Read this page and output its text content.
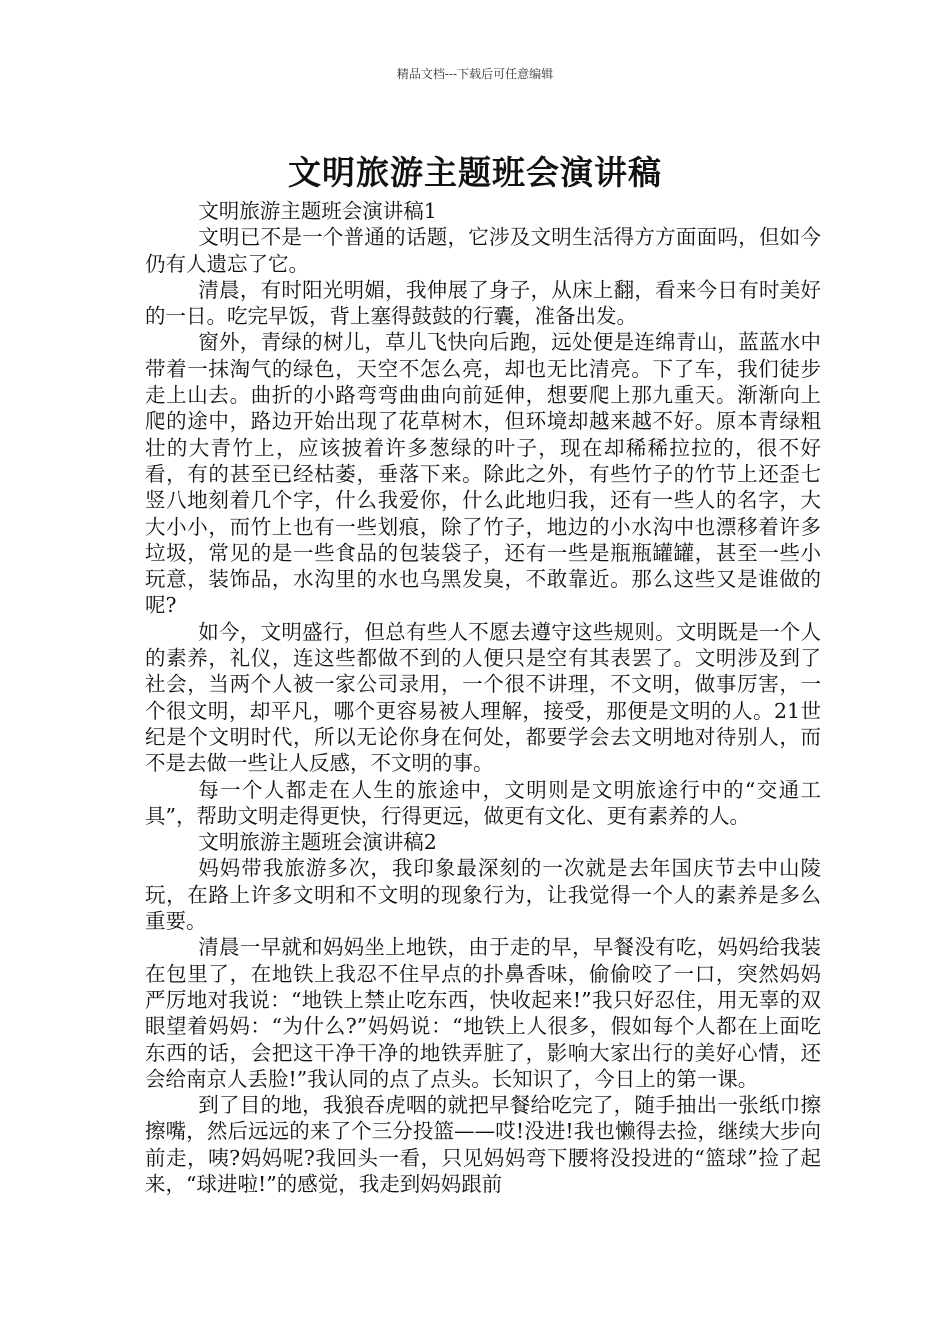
精品文档---下载后可任意编辑
文明旅游主题班会演讲稿

文明旅游主题班会演讲稿1

文明已不是一个普通的话题，它涉及文明生活得方方面面吗，但如今仍有人遗忘了它。

清晨，有时阳光明媚，我伸展了身子，从床上翻，看来今日有时美好的一日。吃完早饭，背上塞得鼓鼓的行囊，准备出发。

窗外，青绿的树儿，草儿飞快向后跑，远处便是连绵青山，蓝蓝水中带着一抹淘气的绿色，天空不怎么亮，却也无比清亮。下了车，我们徒步走上山去。曲折的小路弯弯曲曲向前延伸，想要爬上那九重天。渐渐向上爬的途中，路边开始出现了花草树木，但环境却越来越不好。原本青绿粗壮的大青竹上，应该披着许多葱绿的叶子，现在却稀稀拉拉的，很不好看，有的甚至已经枯萎，垂落下来。除此之外，有些竹子的竹节上还歪七竖八地刻着几个字，什么我爱你，什么此地归我，还有一些人的名字，大大小小，而竹上也有一些划痕，除了竹子，地边的小水沟中也漂移着许多垃圾，常见的是一些食品的包装袋子，还有一些是瓶瓶罐罐，甚至一些小玩意，装饰品，水沟里的水也乌黑发臭，不敢靠近。那么这些又是谁做的呢?

如今，文明盛行，但总有些人不愿去遵守这些规则。文明既是一个人的素养，礼仪，连这些都做不到的人便只是空有其表罢了。文明涉及到了社会，当两个人被一家公司录用，一个很不讲理，不文明，做事厉害，一个很文明，却平凡，哪个更容易被人理解，接受，那便是文明的人。21世纪是个文明时代，所以无论你身在何处，都要学会去文明地对待别人，而不是去做一些让人反感，不文明的事。

每一个人都走在人生的旅途中，文明则是文明旅途行中的“交通工具”，帮助文明走得更快，行得更远，做更有文化、更有素养的人。

文明旅游主题班会演讲稿2

妈妈带我旅游多次，我印象最深刻的一次就是去年国庆节去中山陵玩，在路上许多文明和不文明的现象行为，让我觉得一个人的素养是多么重要。

清晨一早就和妈妈坐上地铁，由于走的早，早餐没有吃，妈妈给我装在包里了，在地铁上我忍不住早点的扑鼻香味，偷偷咬了一口，突然妈妈严厉地对我说：“地铁上禁止吃东西，快收起来!”我只好忍住，用无辜的双眼望着妈妈：“为什么?”妈妈说：“地铁上人很多，假如每个人都在上面吃东西的话，会把这干净干净的地铁弄脏了，影响大家出行的美好心情，还会给南京人丢脸!”我认同的点了点头。长知识了，今日上的第一课。

到了目的地，我狼吞虎咽的就把早餐给吃完了，随手抽出一张纸巾擦擦嘴，然后远远的来了个三分投篮——哎!没进!我也懒得去捡，继续大步向前走，咦?妈妈呢?我回头一看，只见妈妈弯下腰将没投进的“篮球”捡了起来，“球进啦!”的感觉，我走到妈妈跟前
